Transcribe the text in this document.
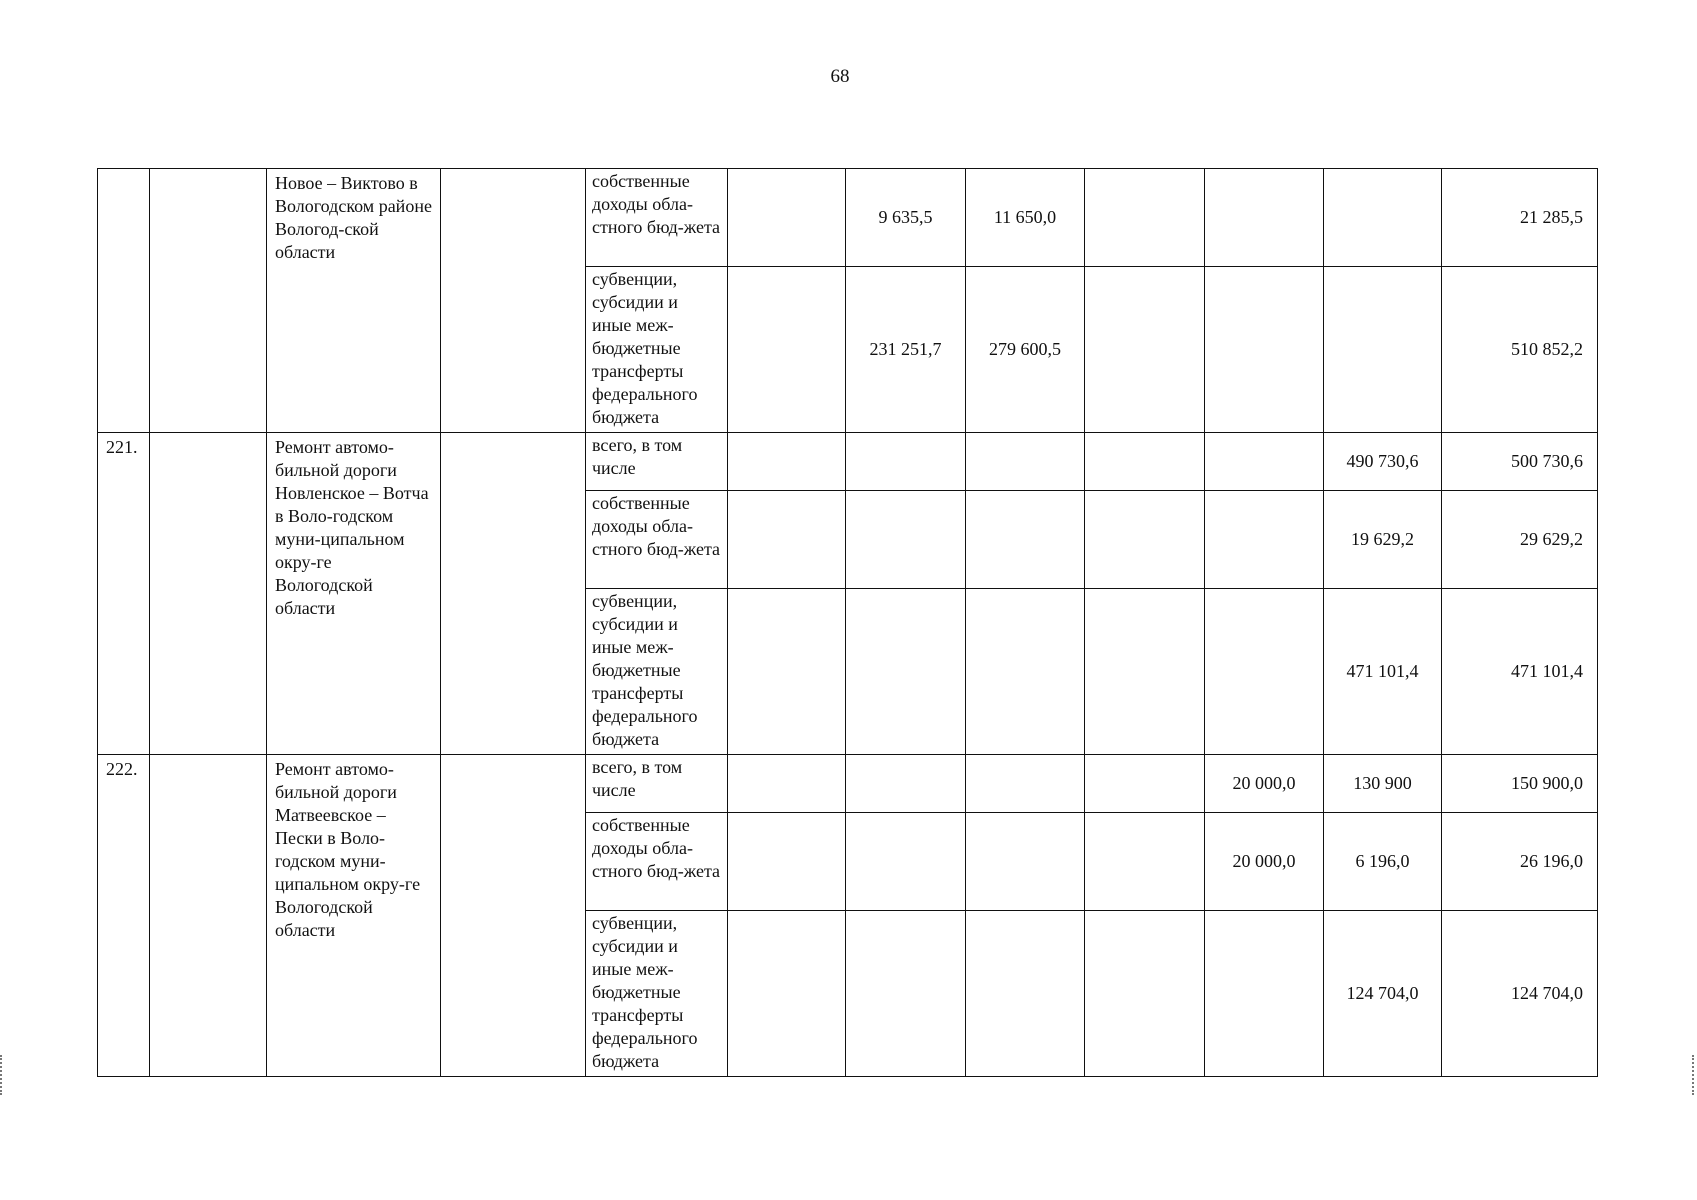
68
		Новое – Виктово в Вологодском районе Вологод-ской области		собственные доходы обла-стного бюд-жета		9 635,5	11 650,0				21 285,5
				субвенции, субсидии и иные меж-бюджетные трансферты федерального бюджета		231 251,7	279 600,5				510 852,2
221.		Ремонт автомо-бильной дороги Новленское – Вотча в Воло-годском муни-ципальном окру-ге Вологодской области		всего, в том числе						490 730,6	500 730,6
				собственные доходы обла-стного бюд-жета						19 629,2	29 629,2
				субвенции, субсидии и иные меж-бюджетные трансферты федерального бюджета						471 101,4	471 101,4
222.		Ремонт автомо-бильной дороги Матвеевское – Пески в Воло-годском муни-ципальном окру-ге Вологодской области		всего, в том числе					20 000,0	130 900	150 900,0
				собственные доходы обла-стного бюд-жета					20 000,0	6 196,0	26 196,0
				субвенции, субсидии и иные меж-бюджетные трансферты федерального бюджета						124 704,0	124 704,0
